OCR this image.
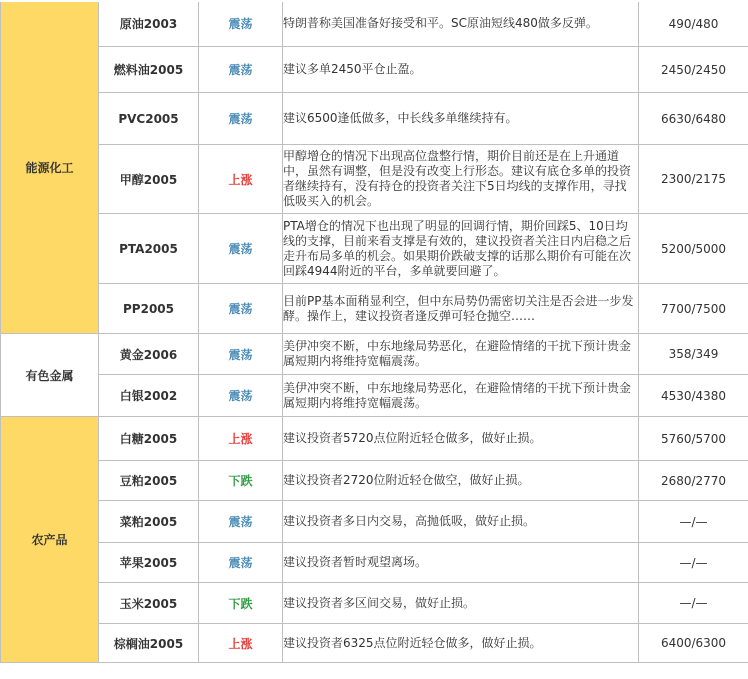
能源化工	原油2003	震荡	特朗普称美国准备好接受和平。SC原油短线480做多反弹。	490/480
	燃料油2005	震荡	建议多单2450平仓止盈。	2450/2450
	PVC2005	震荡	建议6500逢低做多，中长线多单继续持有。	6630/6480
	甲醇2005	上涨	甲醇增仓的情况下出现高位盘整行情，期价目前还是在上升通道中，虽然有调整，但是没有改变上行形态。建议有底仓多单的投资者继续持有，没有持仓的投资者关注下5日均线的支撑作用，寻找低吸买入的机会。	2300/2175
	PTA2005	震荡	PTA增仓的情况下也出现了明显的回调行情，期价回踩5、10日均线的支撑，目前来看支撑是有效的，建议投资者关注日内启稳之后走升布局多单的机会。如果期价跌破支撑的话那么期价有可能在次回踩4944附近的平台，多单就要回避了。	5200/5000
	PP2005	震荡	目前PP基本面稍显利空，但中东局势仍需密切关注是否会进一步发酵。操作上，建议投资者逢反弹可轻仓抛空……	7700/7500
有色金属	黄金2006	震荡	美伊冲突不断，中东地缘局势恶化，在避险情绪的干扰下预计贵金属短期内将维持宽幅震荡。	358/349
	白银2002	震荡	美伊冲突不断，中东地缘局势恶化，在避险情绪的干扰下预计贵金属短期内将维持宽幅震荡。	4530/4380
农产品	白糖2005	上涨	建议投资者5720点位附近轻仓做多，做好止损。	5760/5700
	豆粕2005	下跌	建议投资者2720位附近轻仓做空，做好止损。	2680/2770
	菜粕2005	震荡	建议投资者多日内交易，高抛低吸，做好止损。	—/—
	苹果2005	震荡	建议投资者暂时观望离场。	—/—
	玉米2005	下跌	建议投资者多区间交易，做好止损。	—/—
	棕榈油2005	上涨	建议投资者6325点位附近轻仓做多，做好止损。	6400/6300
